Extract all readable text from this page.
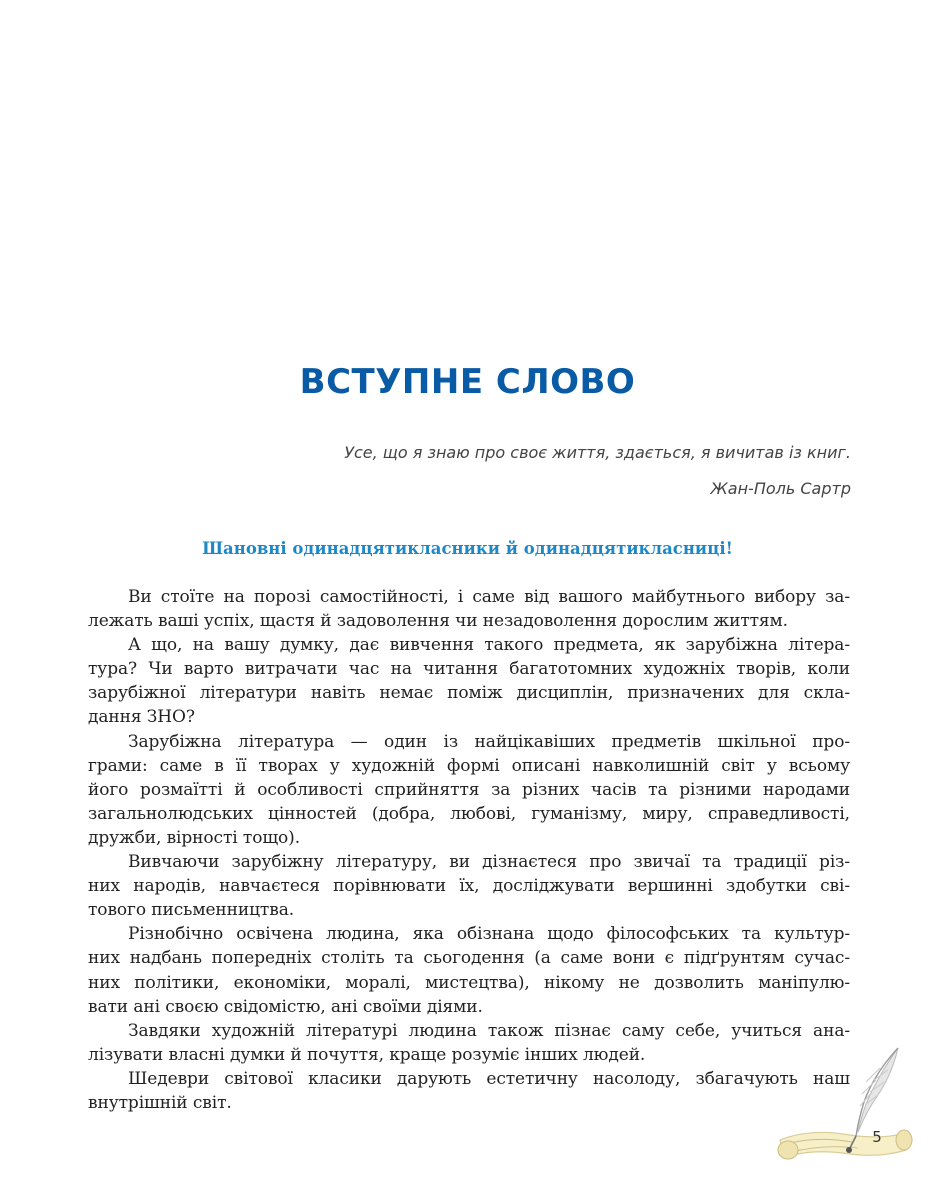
ВСТУПНЕ СЛОВО

Усе, що я знаю про своє життя, здається, я вичитав із книг.

Жан-Поль Сартр

Шановні одинадцятикласники й одинадцятикласниці!

Ви стоїте на порозі самостійності, і саме від вашого майбутнього вибору за-
лежать ваші успіх, щастя й задоволення чи незадоволення дорослим життям.
А що, на вашу думку, дає вивчення такого предмета, як зарубіжна літера-
тура? Чи варто витрачати час на читання багатотомних художніх творів, коли
зарубіжної літератури навіть немає поміж дисциплін, призначених для скла-
дання ЗНО?
Зарубіжна література — один із найцікавіших предметів шкільної про-
грами: саме в її творах у художній формі описані навколишній світ у всьому
його розмаїтті й особливості сприйняття за різних часів та різними народами
загальнолюдських цінностей (добра, любові, гуманізму, миру, справедливості,
дружби, вірності тощо).
Вивчаючи зарубіжну літературу, ви дізнаєтеся про звичаї та традиції різ-
них народів, навчаєтеся порівнювати їх, досліджувати вершинні здобутки сві-
тового письменництва.
Різнобічно освічена людина, яка обізнана щодо філософських та культур-
них надбань попередніх століть та сьогодення (а саме вони є підґрунтям сучас-
них політики, економіки, моралі, мистецтва), нікому не дозволить маніпулю-
вати ані своєю свідомістю, ані своїми діями.
Завдяки художній літературі людина також пізнає саму себе, учиться ана-
лізувати власні думки й почуття, краще розуміє інших людей.
Шедеври світової класики дарують естетичну насолоду, збагачують наш
внутрішній світ.
5
